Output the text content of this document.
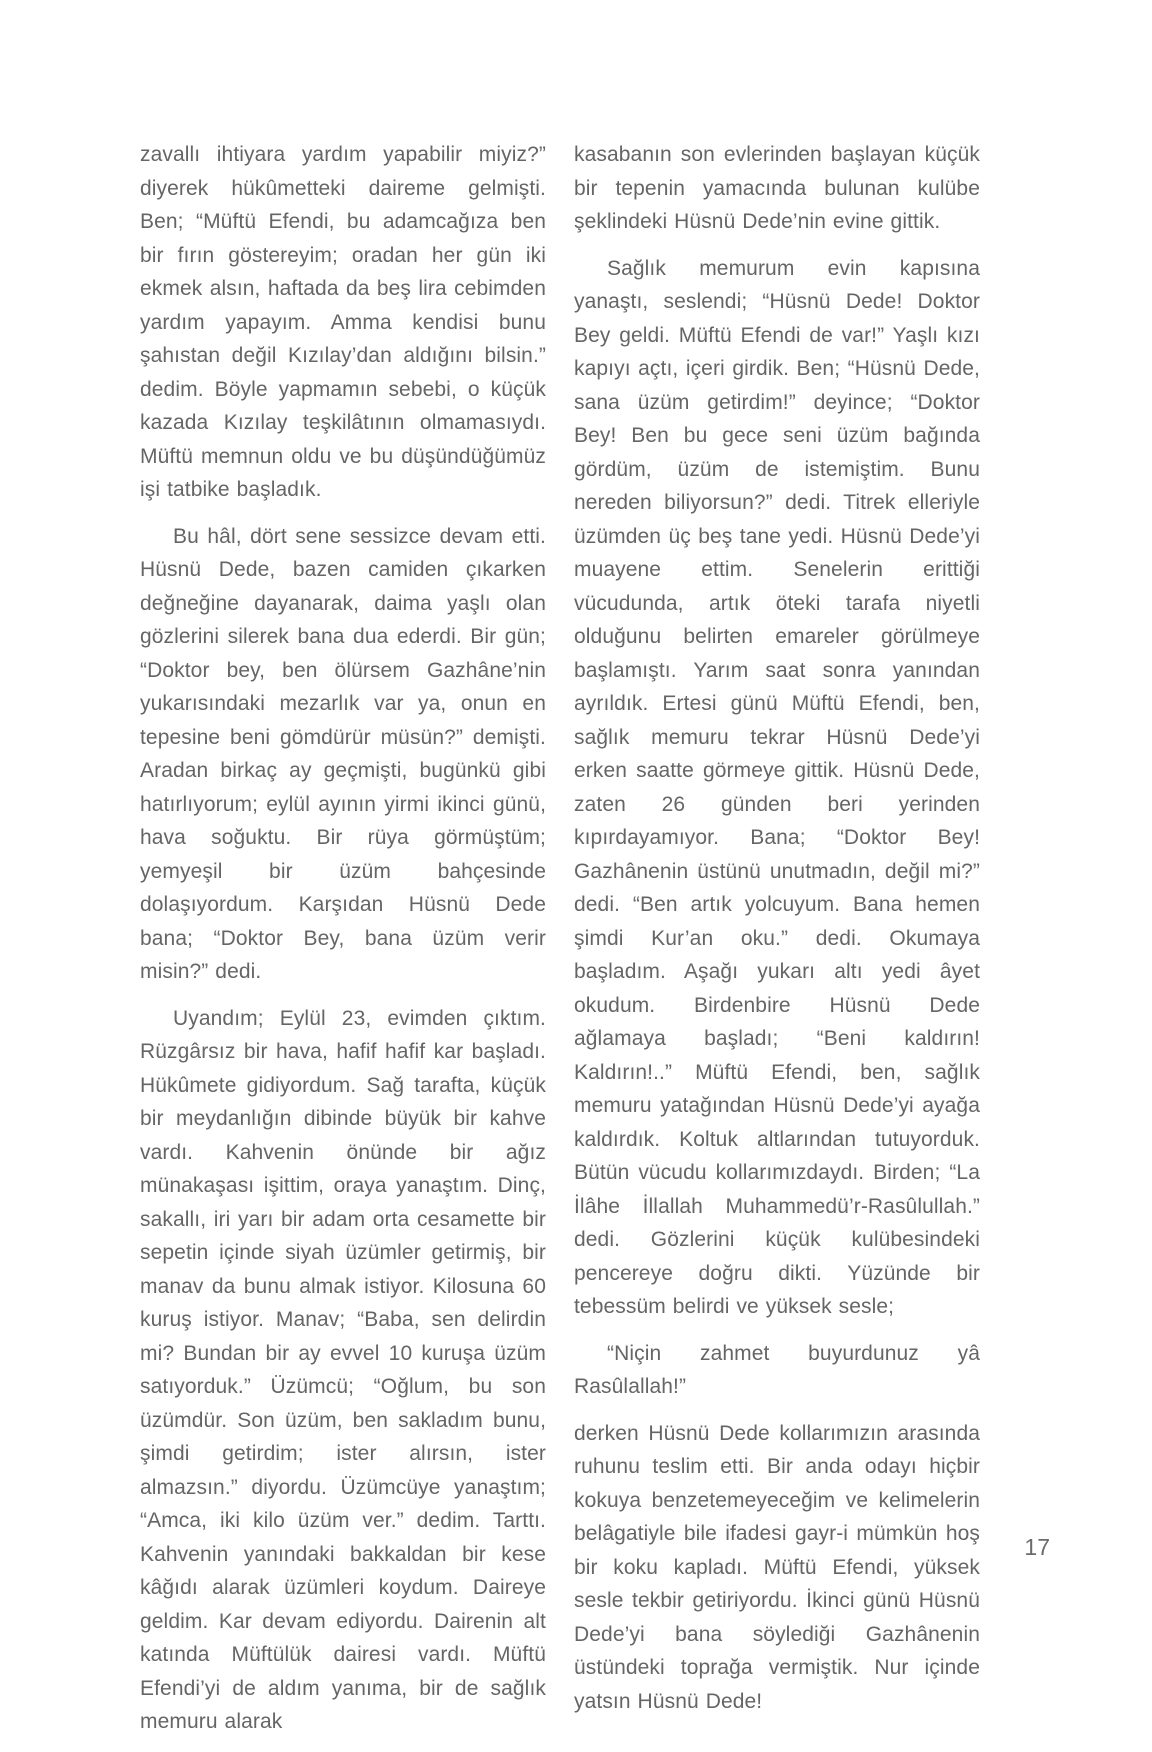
zavallı ihtiyara yardım yapabilir miyiz?” diyerek hükûmetteki daireme gelmişti. Ben; “Müftü Efendi, bu adamcağıza ben bir fırın göstereyim; oradan her gün iki ekmek alsın, haftada da beş lira cebimden yardım yapayım. Amma kendisi bunu şahıstan değil Kızılay’dan aldığını bilsin.” dedim. Böyle yapmamın sebebi, o küçük kazada Kızılay teşkilâtının olmamasıydı. Müftü memnun oldu ve bu düşündüğümüz işi tatbike başladık.

Bu hâl, dört sene sessizce devam etti. Hüsnü Dede, bazen camiden çıkarken değneğine dayanarak, daima yaşlı olan gözlerini silerek bana dua ederdi. Bir gün; “Doktor bey, ben ölürsem Gazhâne’nin yukarısındaki mezarlık var ya, onun en tepesine beni gömdürür müsün?” demişti. Aradan birkaç ay geçmişti, bugünkü gibi hatırlıyorum; eylül ayının yirmi ikinci günü, hava soğuktu. Bir rüya görmüştüm; yemyeşil bir üzüm bahçesinde dolaşıyordum. Karşıdan Hüsnü Dede bana; “Doktor Bey, bana üzüm verir misin?” dedi.

Uyandım; Eylül 23, evimden çıktım. Rüzgârsız bir hava, hafif hafif kar başladı. Hükûmete gidiyordum. Sağ tarafta, küçük bir meydanlığın dibinde büyük bir kahve vardı. Kahvenin önünde bir ağız münakaşası işittim, oraya yanaştım. Dinç, sakallı, iri yarı bir adam orta cesamette bir sepetin içinde siyah üzümler getirmiş, bir manav da bunu almak istiyor. Kilosuna 60 kuruş istiyor. Manav; “Baba, sen delirdin mi? Bundan bir ay evvel 10 kuruşa üzüm satıyorduk.” Üzümcü; “Oğlum, bu son üzümdür. Son üzüm, ben sakladım bunu, şimdi getirdim; ister alırsın, ister almazsın.” diyordu. Üzümcüye yanaştım; “Amca, iki kilo üzüm ver.” dedim. Tarttı. Kahvenin yanındaki bakkaldan bir kese kâğıdı alarak üzümleri koydum. Daireye geldim. Kar devam ediyordu. Dairenin alt katında Müftülük dairesi vardı. Müftü Efendi’yi de aldım yanıma, bir de sağlık memuru alarak

kasabanın son evlerinden başlayan küçük bir tepenin yamacında bulunan kulübe şeklindeki Hüsnü Dede’nin evine gittik.

Sağlık memurum evin kapısına yanaştı, seslendi; “Hüsnü Dede! Doktor Bey geldi. Müftü Efendi de var!” Yaşlı kızı kapıyı açtı, içeri girdik. Ben; “Hüsnü Dede, sana üzüm getirdim!” deyince; “Doktor Bey! Ben bu gece seni üzüm bağında gördüm, üzüm de istemiştim. Bunu nereden biliyorsun?” dedi. Titrek elleriyle üzümden üç beş tane yedi. Hüsnü Dede’yi muayene ettim. Senelerin erittiği vücudunda, artık öteki tarafa niyetli olduğunu belirten emareler görülmeye başlamıştı. Yarım saat sonra yanından ayrıldık. Ertesi günü Müftü Efendi, ben, sağlık memuru tekrar Hüsnü Dede’yi erken saatte görmeye gittik. Hüsnü Dede, zaten 26 günden beri yerinden kıpırdayamıyor. Bana; “Doktor Bey! Gazhânenin üstünü unutmadın, değil mi?” dedi. “Ben artık yolcuyum. Bana hemen şimdi Kur’an oku.” dedi. Okumaya başladım. Aşağı yukarı altı yedi âyet okudum. Birdenbire Hüsnü Dede ağlamaya başladı; “Beni kaldırın! Kaldırın!..” Müftü Efendi, ben, sağlık memuru yatağından Hüsnü Dede’yi ayağa kaldırdık. Koltuk altlarından tutuyorduk. Bütün vücudu kollarımızdaydı. Birden; “La İlâhe İllallah Muhammedü’r-Rasûlullah.” dedi. Gözlerini küçük kulübesindeki pencereye doğru dikti. Yüzünde bir tebessüm belirdi ve yüksek sesle;

“Niçin zahmet buyurdunuz yâ Rasûlallah!”

derken Hüsnü Dede kollarımızın arasında ruhunu teslim etti. Bir anda odayı hiçbir kokuya benzetemeyeceğim ve kelimelerin belâgatiyle bile ifadesi gayr-i mümkün hoş bir koku kapladı. Müftü Efendi, yüksek sesle tekbir getiriyordu. İkinci günü Hüsnü Dede’yi bana söylediği Gazhânenin üstündeki toprağa vermiştik. Nur içinde yatsın Hüsnü Dede!

17
